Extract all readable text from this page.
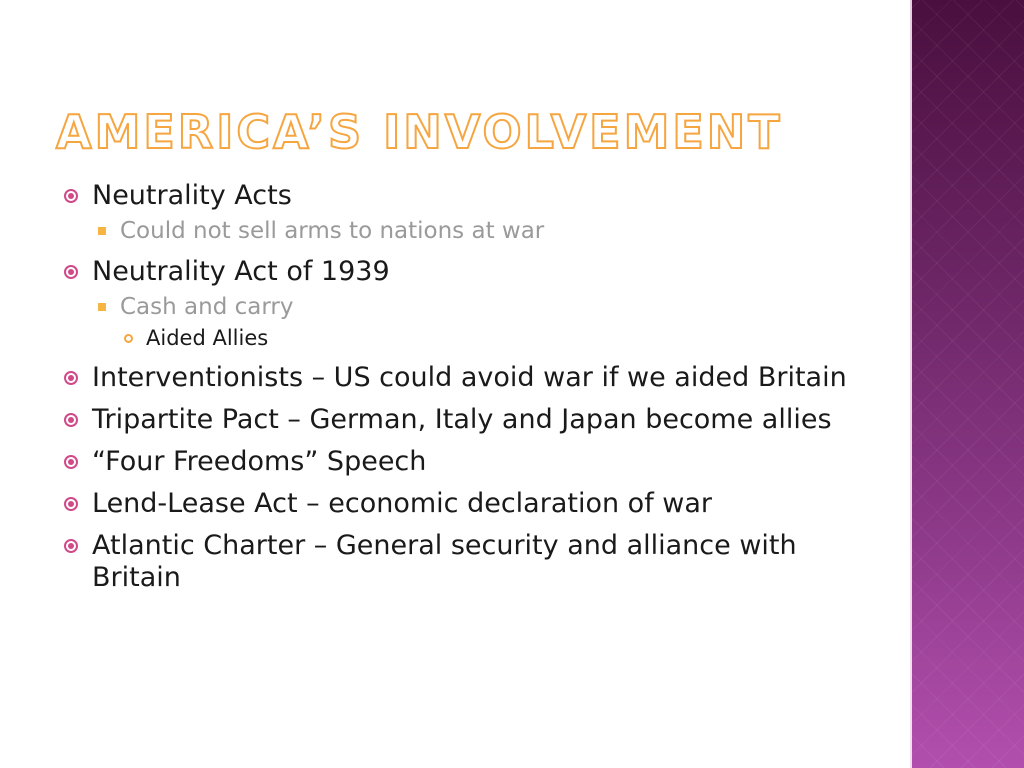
AMERICA’S INVOLVEMENT
Neutrality Acts
Could not sell arms to nations at war
Neutrality Act of 1939
Cash and carry
Aided Allies
Interventionists – US could avoid war if we aided Britain
Tripartite Pact – German, Italy and Japan become allies
“Four Freedoms” Speech
Lend-Lease Act – economic declaration of war
Atlantic Charter – General security and alliance with Britain
